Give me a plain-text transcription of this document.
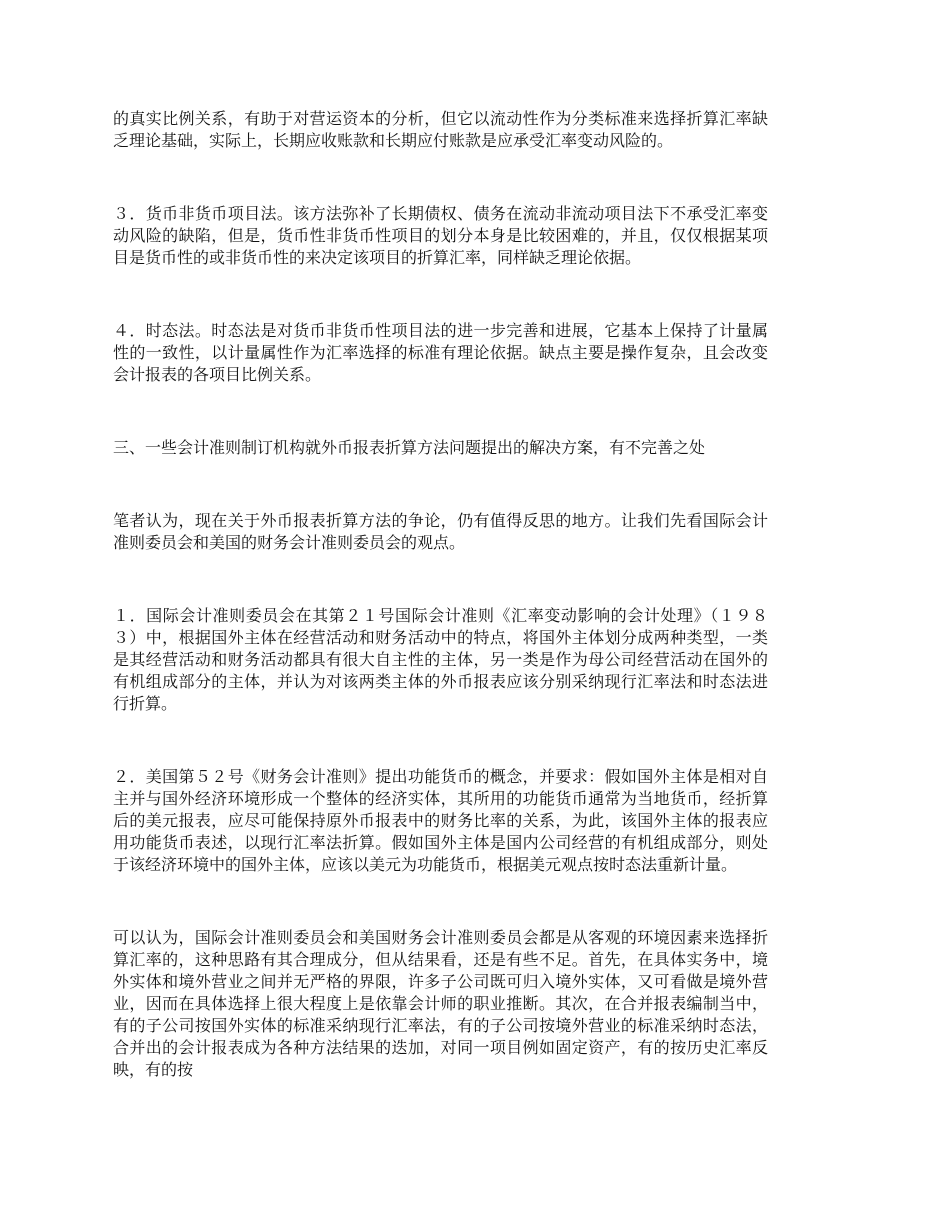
的真实比例关系，有助于对营运资本的分析，但它以流动性作为分类标准来选择折算汇率缺乏理论基础，实际上，长期应收账款和长期应付账款是应承受汇率变动风险的。

３．货币非货币项目法。该方法弥补了长期债权、债务在流动非流动项目法下不承受汇率变动风险的缺陷，但是，货币性非货币性项目的划分本身是比较困难的，并且，仅仅根据某项目是货币性的或非货币性的来决定该项目的折算汇率，同样缺乏理论依据。

４．时态法。时态法是对货币非货币性项目法的进一步完善和进展，它基本上保持了计量属性的一致性，以计量属性作为汇率选择的标准有理论依据。缺点主要是操作复杂，且会改变会计报表的各项目比例关系。

三、一些会计准则制订机构就外币报表折算方法问题提出的解决方案，有不完善之处

笔者认为，现在关于外币报表折算方法的争论，仍有值得反思的地方。让我们先看国际会计准则委员会和美国的财务会计准则委员会的观点。

１．国际会计准则委员会在其第２１号国际会计准则《汇率变动影响的会计处理》（１９８３）中，根据国外主体在经营活动和财务活动中的特点，将国外主体划分成两种类型，一类是其经营活动和财务活动都具有很大自主性的主体，另一类是作为母公司经营活动在国外的有机组成部分的主体，并认为对该两类主体的外币报表应该分别采纳现行汇率法和时态法进行折算。

２．美国第５２号《财务会计准则》提出功能货币的概念，并要求：假如国外主体是相对自主并与国外经济环境形成一个整体的经济实体，其所用的功能货币通常为当地货币，经折算后的美元报表，应尽可能保持原外币报表中的财务比率的关系，为此，该国外主体的报表应用功能货币表述，以现行汇率法折算。假如国外主体是国内公司经营的有机组成部分，则处于该经济环境中的国外主体，应该以美元为功能货币，根据美元观点按时态法重新计量。

可以认为，国际会计准则委员会和美国财务会计准则委员会都是从客观的环境因素来选择折算汇率的，这种思路有其合理成分，但从结果看，还是有些不足。首先，在具体实务中，境外实体和境外营业之间并无严格的界限，许多子公司既可归入境外实体，又可看做是境外营业，因而在具体选择上很大程度上是依靠会计师的职业推断。其次，在合并报表编制当中，有的子公司按国外实体的标准采纳现行汇率法，有的子公司按境外营业的标准采纳时态法，合并出的会计报表成为各种方法结果的迭加，对同一项目例如固定资产，有的按历史汇率反映，有的按
